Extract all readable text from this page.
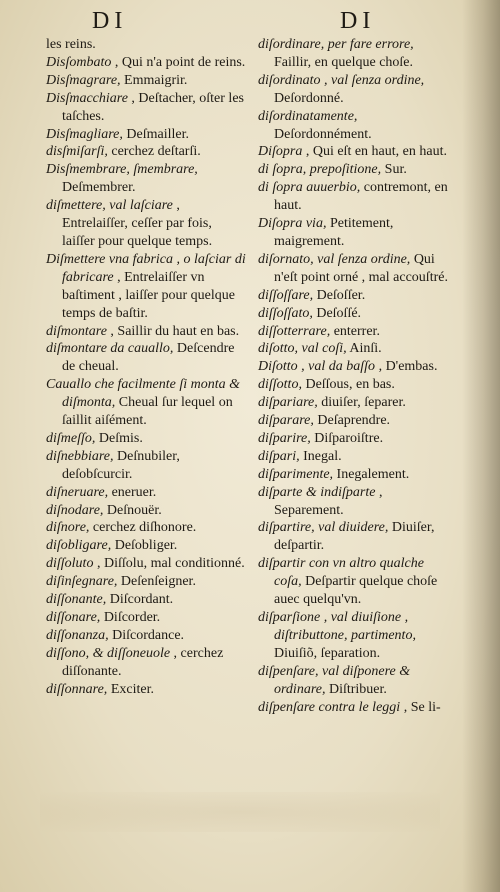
DI	DI

les reins.

Disſombato , Qui n'a point de reins.

Disſmagrare, Emmaigrir.

Disſmacchiare , Deſtacher, oſter les taſches.

Disſmagliare, Deſmailler.

disſmiſarſi, cerchez deſtarſi.

Disſmembrare, ſmembrare, Deſmembrer.

diſmettere, val laſciare , Entrelaiſſer, ceſſer par fois, laiſſer pour quelque temps.

Diſmettere vna fabrica , o laſciar di fabricare , Entrelaiſſer vn baſtiment , laiſſer pour quelque temps de baſtir.

diſmontare , Saillir du haut en bas.

diſmontare da cauallo, Deſcendre de cheual.

Cauallo che facilmente ſi monta & diſmonta, Cheual ſur lequel on ſaillit aiſément.

diſmeſſo, Deſmis.

diſnebbiare, Deſnubiler, deſobſcurcir.

diſneruare, eneruer.

diſnodare, Deſnouër.

diſnore, cerchez diſhonore.

diſobligare, Deſobliger.

diſſoluto , Diſſolu, mal conditionné.

diſinſegnare, Deſenſeigner.

diſſonante, Diſcordant.

diſſonare, Diſcorder.

diſſonanza, Diſcordance.

diſſono, & diſſoneuole , cerchez diſſonante.

diſſonnare, Exciter.

diſordinare, per fare errore, Faillir, en quelque choſe.

diſordinato , val ſenza ordine, Deſordonné.

diſordinatamente, Deſordonnément.

Diſopra , Qui eſt en haut, en haut.

di ſopra, prepoſitione, Sur.

di ſopra auuerbio, contremont, en haut.

Diſopra via, Petitement, maigrement.

diſornato, val ſenza ordine, Qui n'eſt point orné , mal accouſtré.

diſſoſſare, Deſoſſer.

diſſoſſato, Deſoſſé.

diſſotterrare, enterrer.

diſotto, val coſi, Ainſi.

Diſotto , val da baſſo , D'embas.

diſſotto, Deſſous, en bas.

diſpariare, diuiſer, ſeparer.

diſparare, Deſaprendre.

diſparire, Diſparoiſtre.

diſpari, Inegal.

diſparimente, Inegalement.

diſparte & indiſparte , Separement.

diſpartire, val diuidere, Diuiſer, deſpartir.

diſpartir con vn altro qualche coſa, Deſpartir quelque choſe auec quelqu'vn.

diſparſione , val diuiſione , diſtributtone, partimento, Diuiſiõ, ſeparation.

diſpenſare, val diſponere & ordinare, Diſtribuer.

diſpenſare contra le leggi , Se li-
